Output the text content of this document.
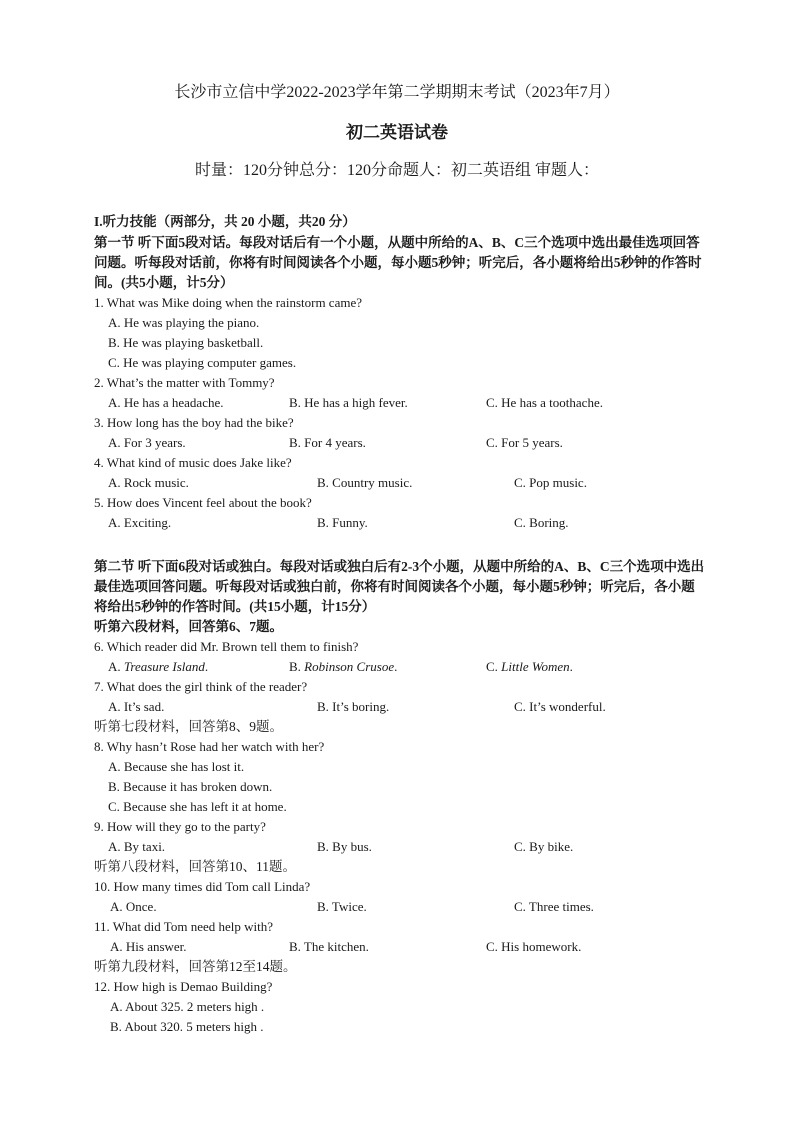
长沙市立信中学2022-2023学年第二学期期末考试（2023年7月）
初二英语试卷
时量：120分钟总分：120分命题人：初二英语组 审题人：
I.听力技能（两部分，共 20 小题，共20 分）
第一节 听下面5段对话。每段对话后有一个小题，从题中所给的A、B、C三个选项中选出最佳选项回答问题。听每段对话前，你将有时间阅读各个小题，每小题5秒钟；听完后，各小题将给出5秒钟的作答时间。(共5小题，计5分）
1. What was Mike doing when the rainstorm came?
A. He was playing the piano.
B. He was playing basketball.
C. He was playing computer games.
2. What’s the matter with Tommy?
A. He has a headache.	B. He has a high fever.	C. He has a toothache.
3. How long has the boy had the bike?
A. For 3 years.	B. For 4 years.	C. For 5 years.
4. What kind of music does Jake like?
A. Rock music.	B. Country music.	C. Pop music.
5. How does Vincent feel about the book?
A. Exciting.	B. Funny.	C. Boring.
第二节 听下面6段对话或独白。每段对话或独白后有2-3个小题，从题中所给的A、B、C三个选项中选出最佳选项回答问题。听每段对话或独白前，你将有时间阅读各个小题，每小题5秒钟；听完后，各小题将给出5秒钟的作答时间。(共15小题，计15分）
听第六段材料，回答第6、7题。
6. Which reader did Mr. Brown tell them to finish?
A. Treasure Island.	B. Robinson Crusoe.	C. Little Women.
7. What does the girl think of the reader?
A. It’s sad.	B. It’s boring.	C. It’s wonderful.
听第七段材料，回答第8、9题。
8. Why hasn’t Rose had her watch with her?
A. Because she has lost it.
B. Because it has broken down.
C. Because she has left it at home.
9. How will they go to the party?
A. By taxi.	B. By bus.	C. By bike.
听第八段材料，回答第10、11题。
10. How many times did Tom call Linda?
A. Once.	B. Twice.	C. Three times.
11. What did Tom need help with?
A. His answer.	B. The kitchen.	C. His homework.
听第九段材料，回答第12至14题。
12. How high is Demao Building?
A. About 325. 2 meters high .
B. About 320. 5 meters high .
